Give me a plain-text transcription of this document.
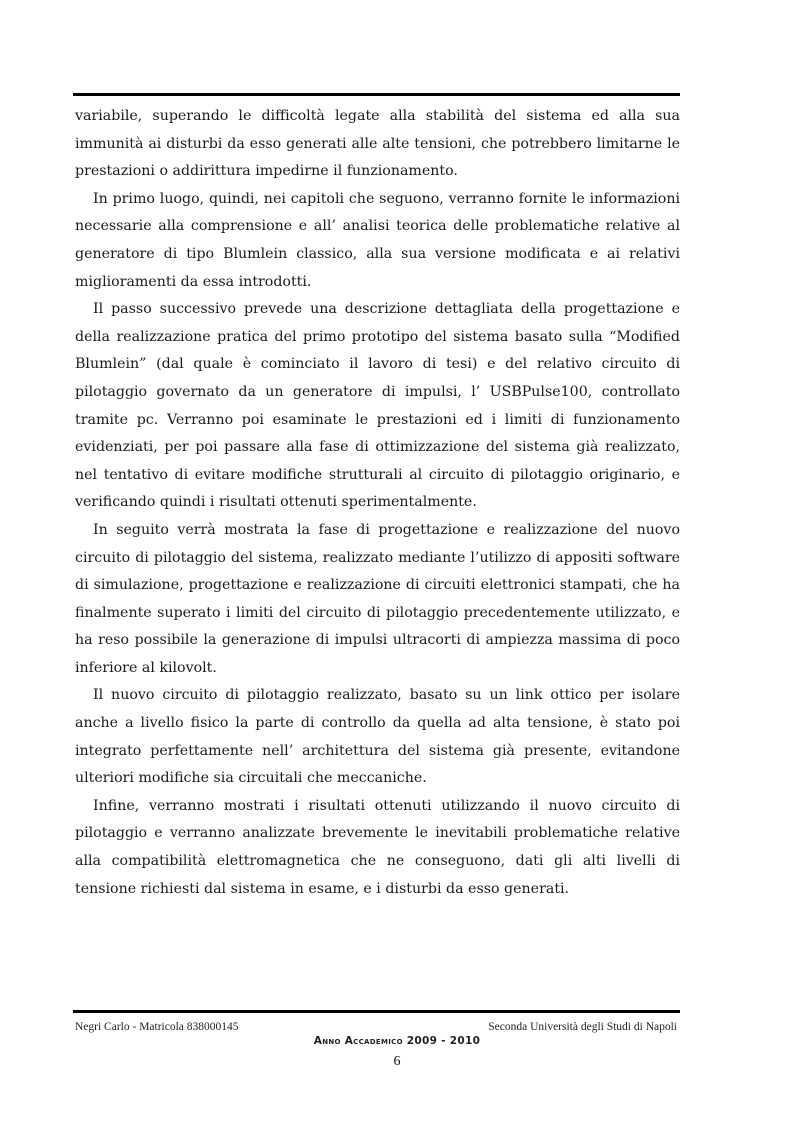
variabile, superando le difficoltà legate alla stabilità del sistema ed alla sua immunità ai disturbi da esso generati alle alte tensioni, che potrebbero limitarne le prestazioni o addirittura impedirne il funzionamento.

In primo luogo, quindi, nei capitoli che seguono, verranno fornite le informazioni necessarie alla comprensione e all’ analisi teorica delle problematiche relative al generatore di tipo Blumlein classico, alla sua versione modificata e ai relativi miglioramenti da essa introdotti.

Il passo successivo prevede una descrizione dettagliata della progettazione e della realizzazione pratica del primo prototipo del sistema basato sulla “Modified Blumlein” (dal quale è cominciato il lavoro di tesi) e del relativo circuito di pilotaggio governato da un generatore di impulsi, l’ USBPulse100, controllato tramite pc. Verranno poi esaminate le prestazioni ed i limiti di funzionamento evidenziati, per poi passare alla fase di ottimizzazione del sistema già realizzato, nel tentativo di evitare modifiche strutturali al circuito di pilotaggio originario, e verificando quindi i risultati ottenuti sperimentalmente.

In seguito verrà mostrata la fase di progettazione e realizzazione del nuovo circuito di pilotaggio del sistema, realizzato mediante l’utilizzo di appositi software di simulazione, progettazione e realizzazione di circuiti elettronici stampati, che ha finalmente superato i limiti del circuito di pilotaggio precedentemente utilizzato, e ha reso possibile la generazione di impulsi ultracorti di ampiezza massima di poco inferiore al kilovolt.

Il nuovo circuito di pilotaggio realizzato, basato su un link ottico per isolare anche a livello fisico la parte di controllo da quella ad alta tensione, è stato poi integrato perfettamente nell’ architettura del sistema già presente, evitandone ulteriori modifiche sia circuitali che meccaniche.

Infine, verranno mostrati i risultati ottenuti utilizzando il nuovo circuito di pilotaggio e verranno analizzate brevemente le inevitabili problematiche relative alla compatibilità elettromagnetica che ne conseguono, dati gli alti livelli di tensione richiesti dal sistema in esame, e i disturbi da esso generati.

Negri Carlo - Matricola 838000145	Seconda Università degli Studi di Napoli
Anno Accademico 2009 - 2010
6
